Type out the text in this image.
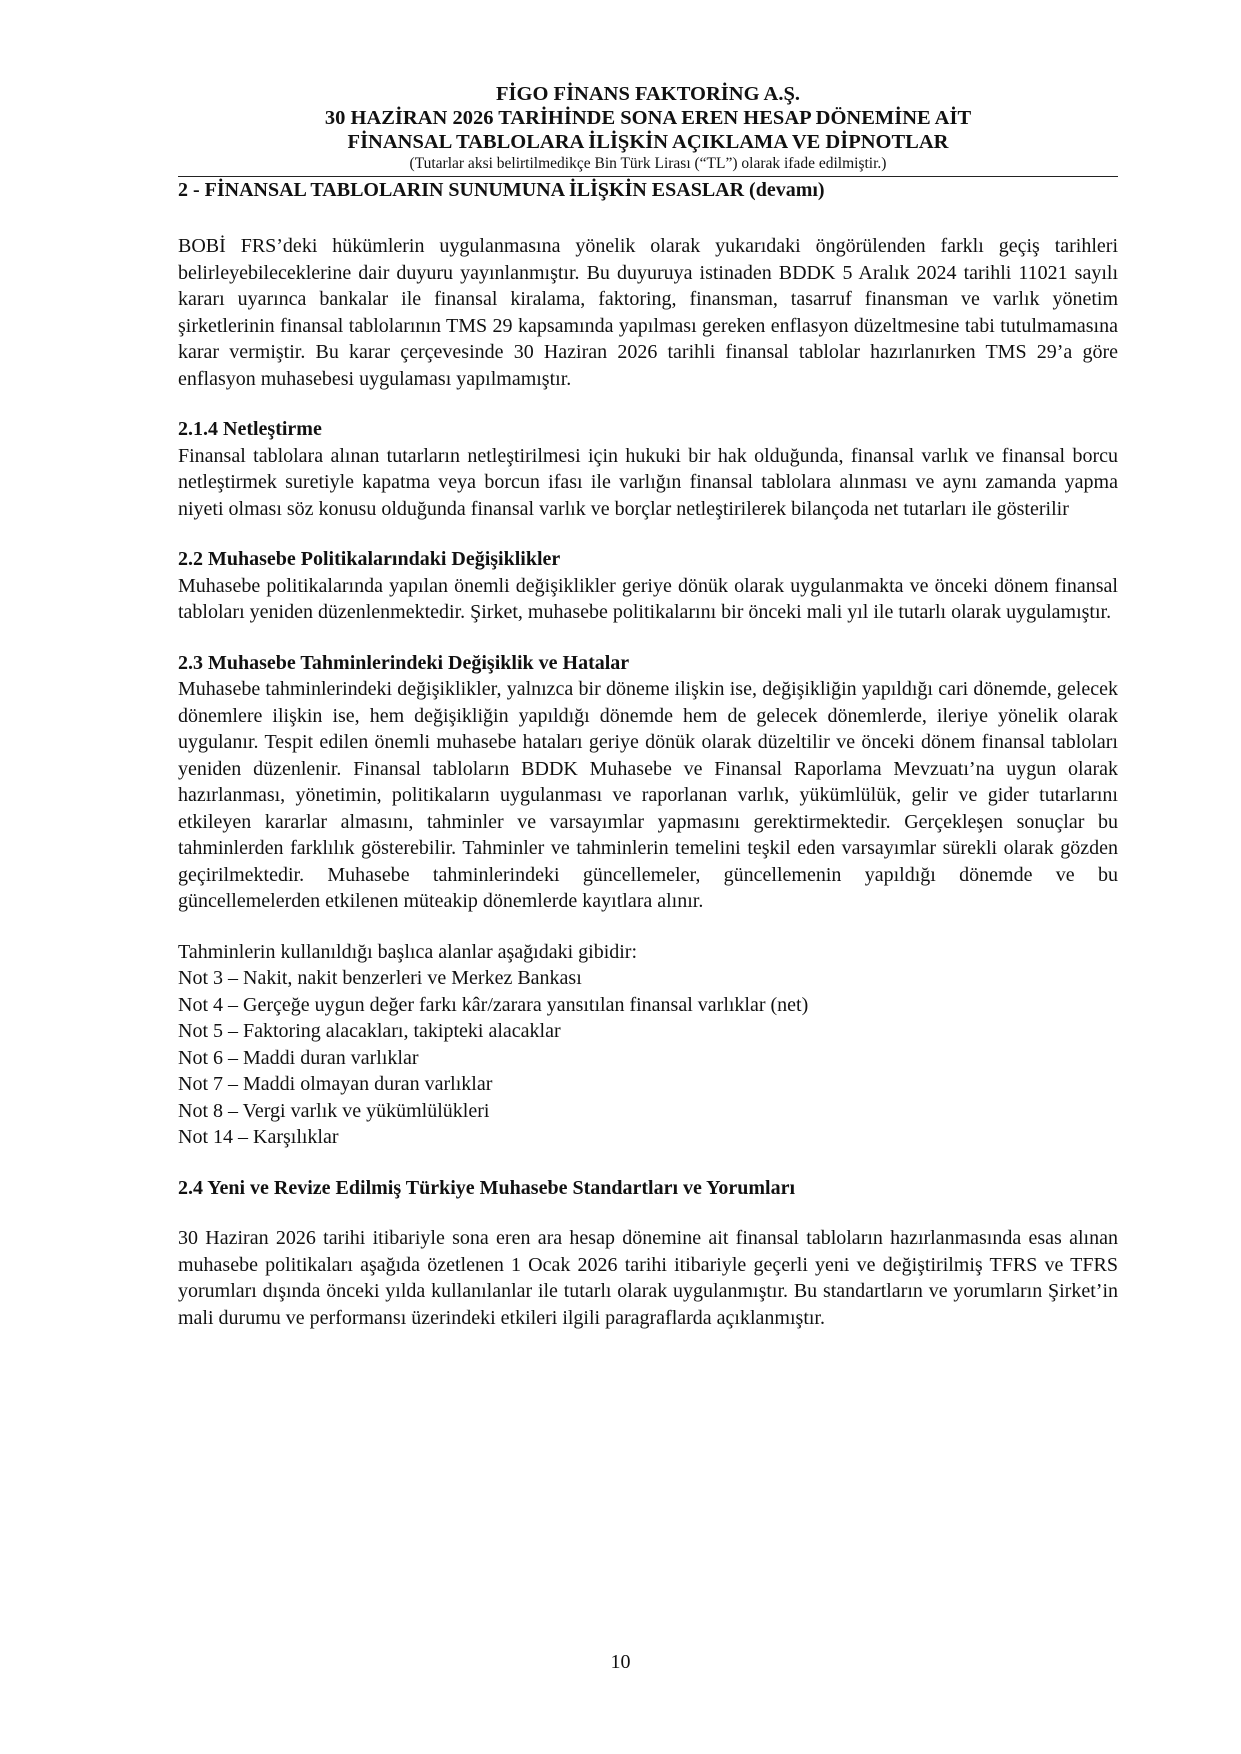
FİGO FİNANS FAKTORİNG A.Ş.
30 HAZİRAN 2026 TARİHİNDE SONA EREN HESAP DÖNEMİNE AİT
FİNANSAL TABLOLARA İLİŞKİN AÇIKLAMA VE DİPNOTLAR
(Tutarlar aksi belirtilmedikçe Bin Türk Lirası (“TL”) olarak ifade edilmiştir.)
2 - FİNANSAL TABLOLARIN SUNUMUNA İLİŞKİN ESASLAR (devamı)

BOBİ FRS’deki hükümlerin uygulanmasına yönelik olarak yukarıdaki öngörülenden farklı geçiş tarihleri belirleyebileceklerine dair duyuru yayınlanmıştır. Bu duyuruya istinaden BDDK 5 Aralık 2024 tarihli 11021 sayılı kararı uyarınca bankalar ile finansal kiralama, faktoring, finansman, tasarruf finansman ve varlık yönetim şirketlerinin finansal tablolarının TMS 29 kapsamında yapılması gereken enflasyon düzeltmesine tabi tutulmamasına karar vermiştir. Bu karar çerçevesinde 30 Haziran 2026 tarihli finansal tablolar hazırlanırken TMS 29’a göre enflasyon muhasebesi uygulaması yapılmamıştır.

2.1.4 Netleştirme

Finansal tablolara alınan tutarların netleştirilmesi için hukuki bir hak olduğunda, finansal varlık ve finansal borcu netleştirmek suretiyle kapatma veya borcun ifası ile varlığın finansal tablolara alınması ve aynı zamanda yapma niyeti olması söz konusu olduğunda finansal varlık ve borçlar netleştirilerek bilançoda net tutarları ile gösterilir

2.2 Muhasebe Politikalarındaki Değişiklikler

Muhasebe politikalarında yapılan önemli değişiklikler geriye dönük olarak uygulanmakta ve önceki dönem finansal tabloları yeniden düzenlenmektedir. Şirket, muhasebe politikalarını bir önceki mali yıl ile tutarlı olarak uygulamıştır.

2.3 Muhasebe Tahminlerindeki Değişiklik ve Hatalar

Muhasebe tahminlerindeki değişiklikler, yalnızca bir döneme ilişkin ise, değişikliğin yapıldığı cari dönemde, gelecek dönemlere ilişkin ise, hem değişikliğin yapıldığı dönemde hem de gelecek dönemlerde, ileriye yönelik olarak uygulanır. Tespit edilen önemli muhasebe hataları geriye dönük olarak düzeltilir ve önceki dönem finansal tabloları yeniden düzenlenir. Finansal tabloların BDDK Muhasebe ve Finansal Raporlama Mevzuatı’na uygun olarak hazırlanması, yönetimin, politikaların uygulanması ve raporlanan varlık, yükümlülük, gelir ve gider tutarlarını etkileyen kararlar almasını, tahminler ve varsayımlar yapmasını gerektirmektedir. Gerçekleşen sonuçlar bu tahminlerden farklılık gösterebilir. Tahminler ve tahminlerin temelini teşkil eden varsayımlar sürekli olarak gözden geçirilmektedir. Muhasebe tahminlerindeki güncellemeler, güncellemenin yapıldığı dönemde ve bu güncellemelerden etkilenen müteakip dönemlerde kayıtlara alınır.

Tahminlerin kullanıldığı başlıca alanlar aşağıdaki gibidir:

Not 3 – Nakit, nakit benzerleri ve Merkez Bankası
Not 4 – Gerçeğe uygun değer farkı kâr/zarara yansıtılan finansal varlıklar (net)
Not 5 – Faktoring alacakları, takipteki alacaklar
Not 6 – Maddi duran varlıklar
Not 7 – Maddi olmayan duran varlıklar
Not 8 – Vergi varlık ve yükümlülükleri
Not 14 – Karşılıklar
2.4 Yeni ve Revize Edilmiş Türkiye Muhasebe Standartları ve Yorumları

30 Haziran 2026 tarihi itibariyle sona eren ara hesap dönemine ait finansal tabloların hazırlanmasında esas alınan muhasebe politikaları aşağıda özetlenen 1 Ocak 2026 tarihi itibariyle geçerli yeni ve değiştirilmiş TFRS ve TFRS yorumları dışında önceki yılda kullanılanlar ile tutarlı olarak uygulanmıştır. Bu standartların ve yorumların Şirket’in mali durumu ve performansı üzerindeki etkileri ilgili paragraflarda açıklanmıştır.

10
